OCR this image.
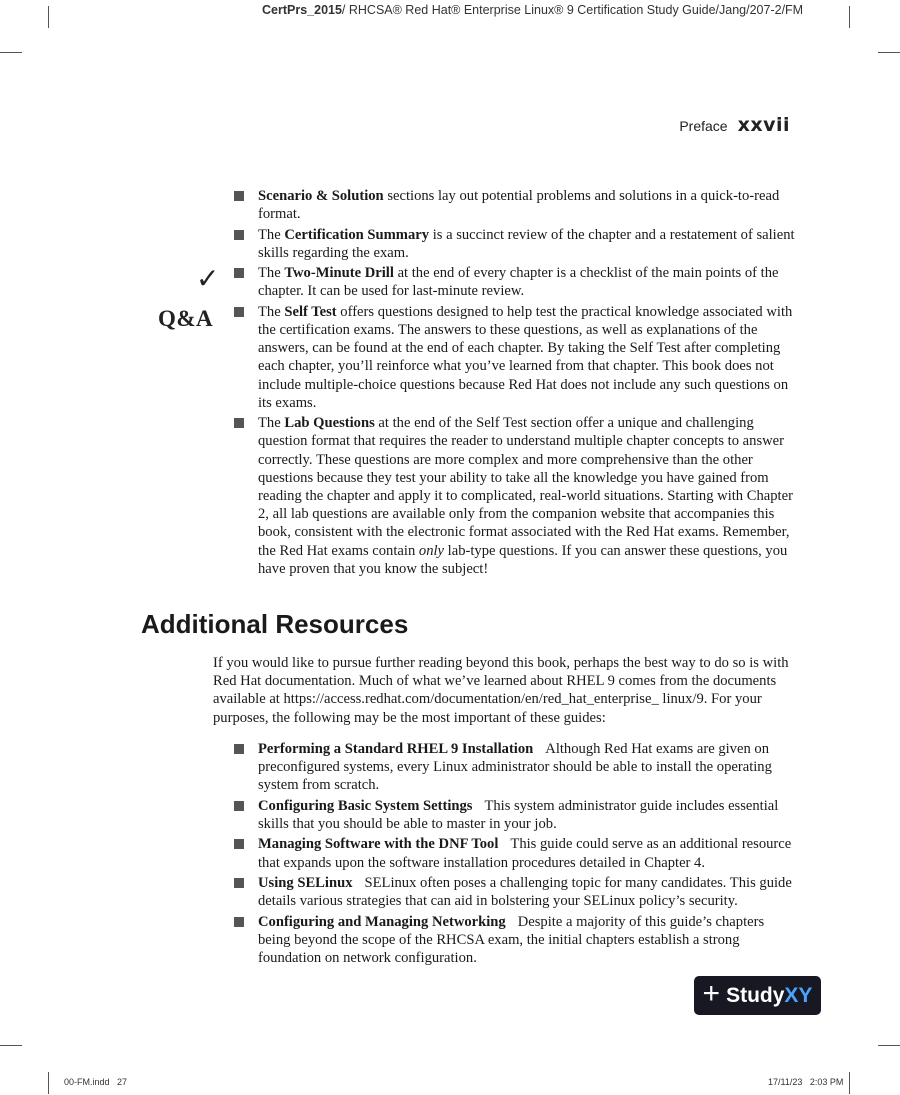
CertPrs_2015/ RHCSA® Red Hat® Enterprise Linux® 9 Certification Study Guide/Jang/207-2/FM
Preface xxvii
✓
Q&A
Scenario & Solution sections lay out potential problems and solutions in a quick-to-read format.
The Certification Summary is a succinct review of the chapter and a restatement of salient skills regarding the exam.
The Two-Minute Drill at the end of every chapter is a checklist of the main points of the chapter. It can be used for last-minute review.
The Self Test offers questions designed to help test the practical knowledge associated with the certification exams. The answers to these questions, as well as explanations of the answers, can be found at the end of each chapter. By taking the Self Test after completing each chapter, you’ll reinforce what you’ve learned from that chapter. This book does not include multiple-choice questions because Red Hat does not include any such questions on its exams.
The Lab Questions at the end of the Self Test section offer a unique and challenging question format that requires the reader to understand multiple chapter concepts to answer correctly. These questions are more complex and more comprehensive than the other questions because they test your ability to take all the knowledge you have gained from reading the chapter and apply it to complicated, real-world situations. Starting with Chapter 2, all lab questions are available only from the companion website that accompanies this book, consistent with the electronic format associated with the Red Hat exams. Remember, the Red Hat exams contain only lab-type questions. If you can answer these questions, you have proven that you know the subject!
Additional Resources

If you would like to pursue further reading beyond this book, perhaps the best way to do so is with Red Hat documentation. Much of what we’ve learned about RHEL 9 comes from the documents available at https://access.redhat.com/documentation/en/red_hat_enterprise_ linux/9. For your purposes, the following may be the most important of these guides:

Performing a Standard RHEL 9 Installation Although Red Hat exams are given on preconfigured systems, every Linux administrator should be able to install the operating system from scratch.
Configuring Basic System Settings This system administrator guide includes essential skills that you should be able to master in your job.
Managing Software with the DNF Tool This guide could serve as an additional resource that expands upon the software installation procedures detailed in Chapter 4.
Using SELinux SELinux often poses a challenging topic for many candidates. This guide details various strategies that can aid in bolstering your SELinux policy’s security.
Configuring and Managing Networking Despite a majority of this guide’s chapters being beyond the scope of the RHCSA exam, the initial chapters establish a strong foundation on network configuration.
+ Study XY
00-FM.indd   27	17/11/23   2:03 PM
